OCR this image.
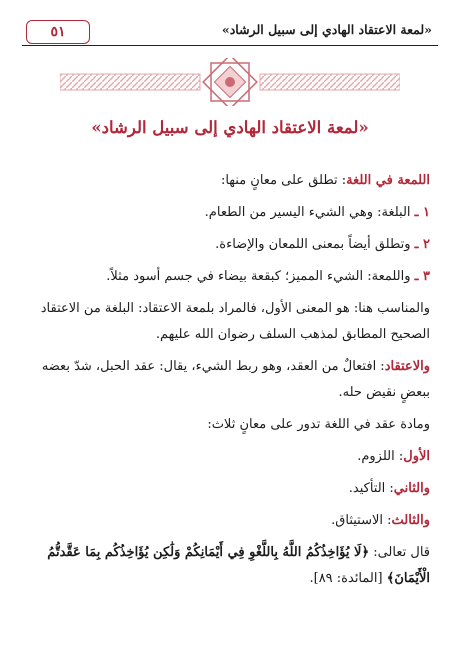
٥١	«لمعة الاعتقاد الهادي إلى سبيل الرشاد»
«لمعة الاعتقاد الهادي إلى سبيل الرشاد»

اللمعة في اللغة: تطلق على معانٍ منها:

١ ـ البلغة: وهي الشيء اليسير من الطعام.

٢ ـ وتطلق أيضاً بمعنى اللمعان والإضاءة.

٣ ـ واللمعة: الشيء المميز؛ كبقعة بيضاء في جسم أسود مثلاً.

والمناسب هنا: هو المعنى الأول، فالمراد بلمعة الاعتقاد: البلغة من الاعتقاد الصحيح المطابق لمذهب السلف رضوان الله عليهم.

والاعتقاد: افتعالٌ من العقد، وهو ربط الشيء، يقال: عقد الحبل، شدّ بعضه ببعضٍ نقيض حله.

ومادة عقد في اللغة تدور على معانٍ ثلاث:

الأول: اللزوم.

والثاني: التأكيد.

والثالث: الاستيثاق.

قال تعالى: ﴿لَا يُؤَاخِذُكُمُ اللَّهُ بِاللَّغْوِ فِي أَيْمَانِكُمْ وَلَٰكِن يُؤَاخِذُكُم بِمَا عَقَّدتُّمُ الْأَيْمَانَ﴾ [المائدة: ٨٩].
